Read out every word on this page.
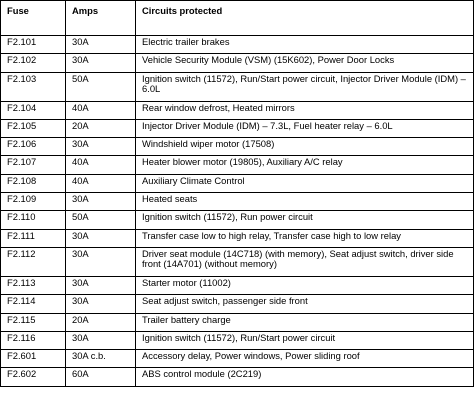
Fuse	Amps	Circuits protected
F2.101	30A	Electric trailer brakes
F2.102	30A	Vehicle Security Module (VSM) (15K602), Power Door Locks
F2.103	50A	Ignition switch (11572), Run/Start power circuit, Injector Driver Module (IDM) – 6.0L
F2.104	40A	Rear window defrost, Heated mirrors
F2.105	20A	Injector Driver Module (IDM) – 7.3L, Fuel heater relay – 6.0L
F2.106	30A	Windshield wiper motor (17508)
F2.107	40A	Heater blower motor (19805), Auxiliary A/C relay
F2.108	40A	Auxiliary Climate Control
F2.109	30A	Heated seats
F2.110	50A	Ignition switch (11572), Run power circuit
F2.111	30A	Transfer case low to high relay, Transfer case high to low relay
F2.112	30A	Driver seat module (14C718) (with memory), Seat adjust switch, driver side front (14A701) (without memory)
F2.113	30A	Starter motor (11002)
F2.114	30A	Seat adjust switch, passenger side front
F2.115	20A	Trailer battery charge
F2.116	30A	Ignition switch (11572), Run/Start power circuit
F2.601	30A c.b.	Accessory delay, Power windows, Power sliding roof
F2.602	60A	ABS control module (2C219)
